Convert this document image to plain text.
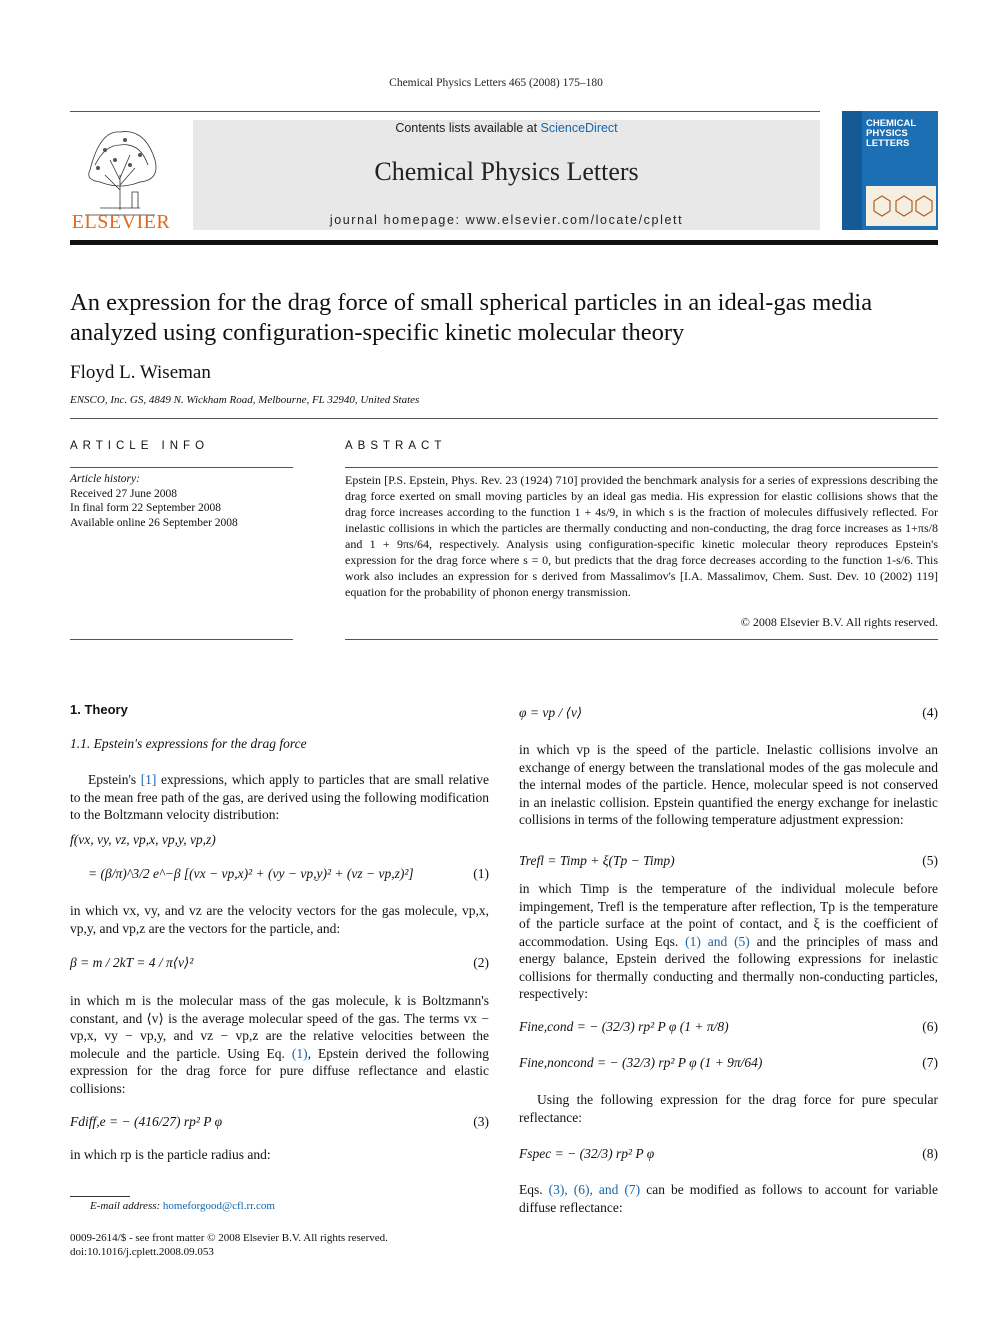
Chemical Physics Letters 465 (2008) 175–180
ELSEVIER
Contents lists available at ScienceDirect
Chemical Physics Letters
journal homepage: www.elsevier.com/locate/cplett
CHEMICAL PHYSICS LETTERS
An expression for the drag force of small spherical particles in an ideal-gas media analyzed using configuration-specific kinetic molecular theory
Floyd L. Wiseman
ENSCO, Inc. GS, 4849 N. Wickham Road, Melbourne, FL 32940, United States
ARTICLE INFO	ABSTRACT
Article history:
Received 27 June 2008
In final form 22 September 2008
Available online 26 September 2008

Epstein [P.S. Epstein, Phys. Rev. 23 (1924) 710] provided the benchmark analysis for a series of expressions describing the drag force exerted on small moving particles by an ideal gas media. His expression for elastic collisions shows that the drag force increases according to the function 1 + 4s/9, in which s is the fraction of molecules diffusively reflected. For inelastic collisions in which the particles are thermally conducting and non-conducting, the drag force increases as 1+πs/8 and 1 + 9πs/64, respectively. Analysis using configuration-specific kinetic molecular theory reproduces Epstein's expression for the drag force where s = 0, but predicts that the drag force decreases according to the function 1-s/6. This work also includes an expression for s derived from Massalimov's [I.A. Massalimov, Chem. Sust. Dev. 10 (2002) 119] equation for the probability of phonon energy transmission.

© 2008 Elsevier B.V. All rights reserved.
1. Theory
1.1. Epstein's expressions for the drag force

Epstein's [1] expressions, which apply to particles that are small relative to the mean free path of the gas, are derived using the following modification to the Boltzmann velocity distribution:

f(vx, vy, vz, vp,x, vp,y, vp,z)
= (β/π)^3/2 e^−β [(vx − vp,x)² + (vy − vp,y)² + (vz − vp,z)²]	(1)

in which vx, vy, and vz are the velocity vectors for the gas molecule, vp,x, vp,y, and vp,z are the vectors for the particle, and:

β = m / 2kT = 4 / π⟨v⟩²	(2)

in which m is the molecular mass of the gas molecule, k is Boltzmann's constant, and ⟨v⟩ is the average molecular speed of the gas. The terms vx − vp,x, vy − vp,y, and vz − vp,z are the relative velocities between the molecule and the particle. Using Eq. (1), Epstein derived the following expression for the drag force for pure diffuse reflectance and elastic collisions:

Fdiff,e = − (416/27) rp² P φ	(3)

in which rp is the particle radius and:

E-mail address: homeforgood@cfl.rr.com
0009-2614/$ - see front matter © 2008 Elsevier B.V. All rights reserved.
doi:10.1016/j.cplett.2008.09.053
φ = vp / ⟨v⟩	(4)

in which vp is the speed of the particle. Inelastic collisions involve an exchange of energy between the translational modes of the gas molecule and the internal modes of the particle. Hence, molecular speed is not conserved in an inelastic collision. Epstein quantified the energy exchange for inelastic collisions in terms of the following temperature adjustment expression:

Trefl = Timp + ξ(Tp − Timp)	(5)

in which Timp is the temperature of the individual molecule before impingement, Trefl is the temperature after reflection, Tp is the temperature of the particle surface at the point of contact, and ξ is the coefficient of accommodation. Using Eqs. (1) and (5) and the principles of mass and energy balance, Epstein derived the following expressions for inelastic collisions for thermally conducting and thermally non-conducting particles, respectively:

Fine,cond = − (32/3) rp² P φ (1 + π/8)	(6)
Fine,noncond = − (32/3) rp² P φ (1 + 9π/64)	(7)

Using the following expression for the drag force for pure specular reflectance:

Fspec = − (32/3) rp² P φ	(8)

Eqs. (3), (6), and (7) can be modified as follows to account for variable diffuse reflectance:
